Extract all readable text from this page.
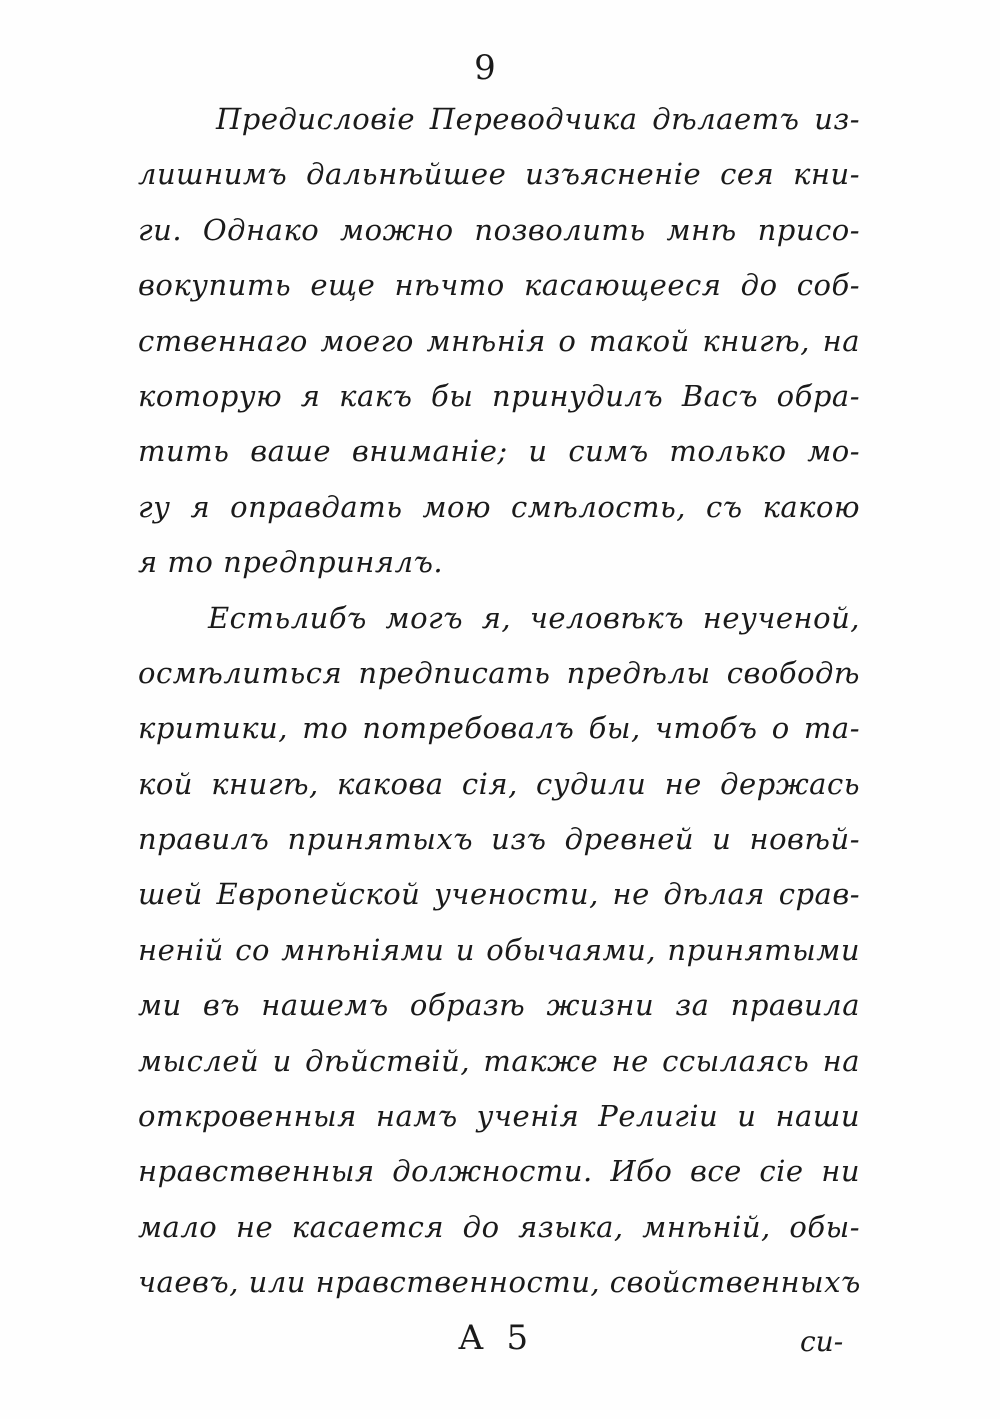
9
Предисловіе Переводчика дѣлаетъ из-
лишнимъ дальнѣйшее изъясненіе сея кни-
ги. Однако можно позволить мнѣ присо-
вокупить еще нѣчто касающееся до соб-
ственнаго моего мнѣнія о такой книгѣ, на
которую я какъ бы принудилъ Васъ обра-
тить ваше вниманіе; и симъ только мо-
гу я оправдать мою смѣлость, съ какою
я то предпринялъ.
Естьлибъ могъ я, человѣкъ неученой,
осмѣлиться предписать предѣлы свободѣ
критики, то потребовалъ бы, чтобъ о та-
кой книгѣ, какова сія, судили не держась
правилъ принятыхъ изъ древней и новѣй-
шей Европейской учености, не дѣлая срав-
неній со мнѣніями и обычаями, принятыми
ми въ нашемъ образѣ жизни за правила
мыслей и дѣйствій, также не ссылаясь на
откровенныя намъ ученія Религіи и наши
нравственныя должности. Ибо все сіе ни
мало не касается до языка, мнѣній, обы-
чаевъ, или нравственности, свойственныхъ
А 5	си-
